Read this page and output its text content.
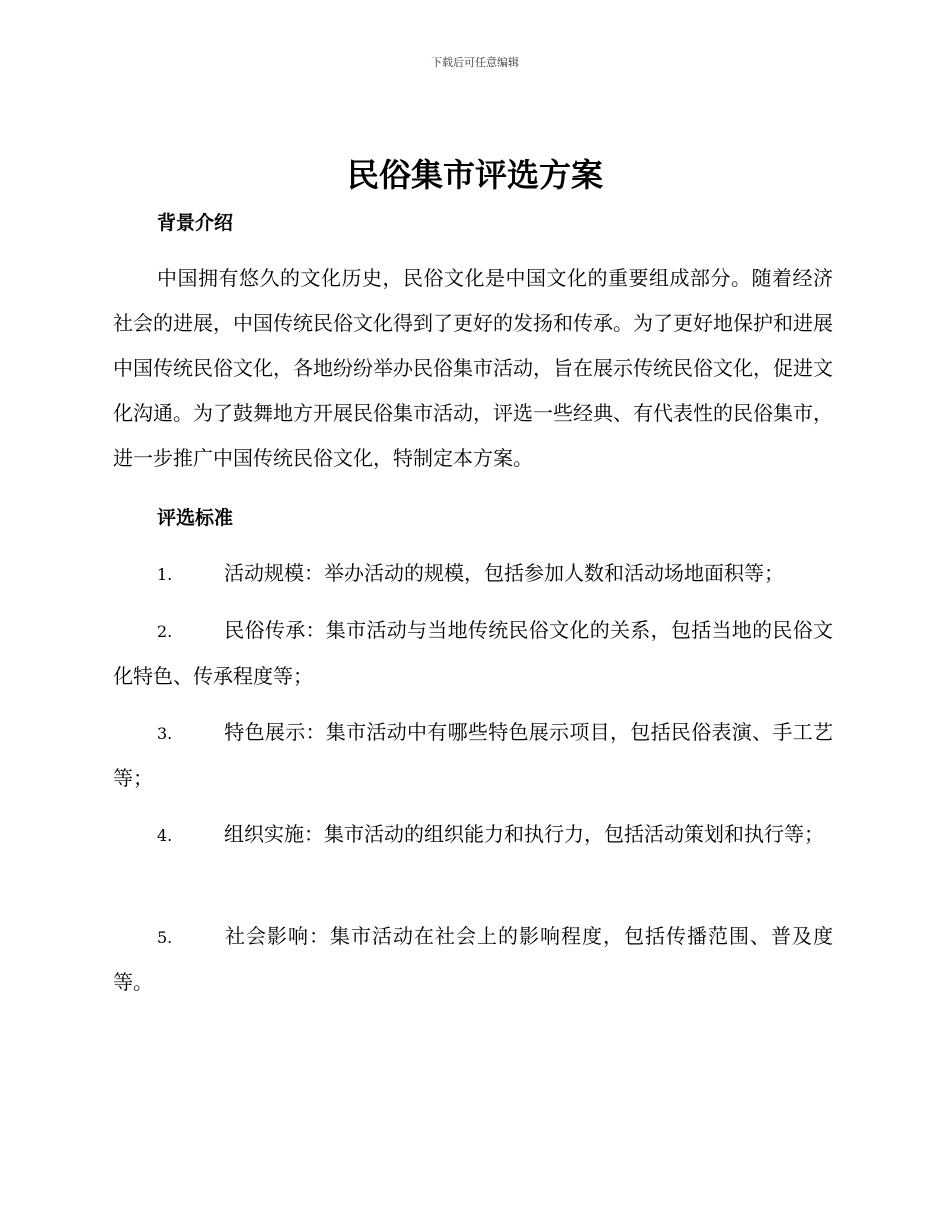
下载后可任意编辑
民俗集市评选方案
背景介绍
中国拥有悠久的文化历史，民俗文化是中国文化的重要组成部分。随着经济社会的进展，中国传统民俗文化得到了更好的发扬和传承。为了更好地保护和进展中国传统民俗文化，各地纷纷举办民俗集市活动，旨在展示传统民俗文化，促进文化沟通。为了鼓舞地方开展民俗集市活动，评选一些经典、有代表性的民俗集市，进一步推广中国传统民俗文化，特制定本方案。
评选标准
1.	活动规模：举办活动的规模，包括参加人数和活动场地面积等；
2.	民俗传承：集市活动与当地传统民俗文化的关系，包括当地的民俗文化特色、传承程度等；
3.	特色展示：集市活动中有哪些特色展示项目，包括民俗表演、手工艺等；
4.	组织实施：集市活动的组织能力和执行力，包括活动策划和执行等；
5.	社会影响：集市活动在社会上的影响程度，包括传播范围、普及度等。
